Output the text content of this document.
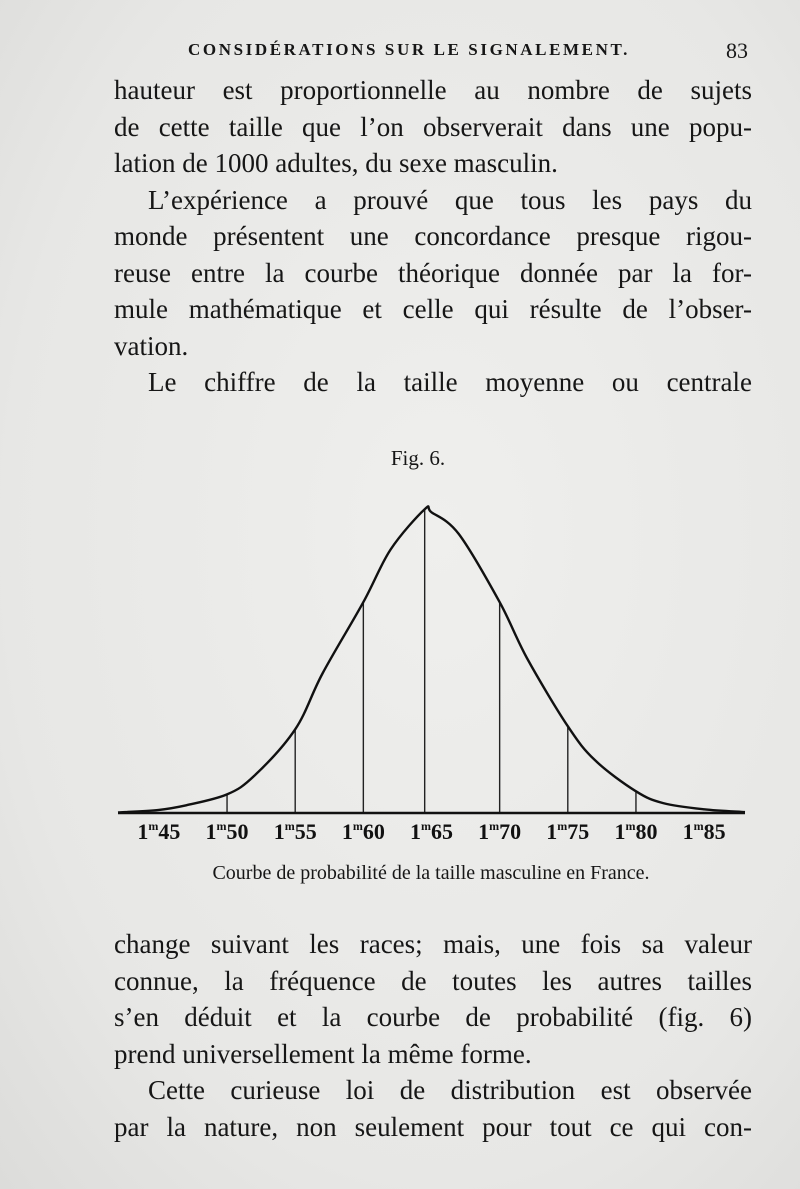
CONSIDÉRATIONS SUR LE SIGNALEMENT.	83
hauteur est proportionnelle au nombre de sujets
de cette taille que l’on observerait dans une popu-
lation de 1000 adultes, du sexe masculin.
L’expérience a prouvé que tous les pays du
monde présentent une concordance presque rigou-
reuse entre la courbe théorique donnée par la for-
mule mathématique et celle qui résulte de l’obser-
vation.
Le chiffre de la taille moyenne ou centrale
Fig. 6.
1$^m$45 1$^m$50 1$^m$55 1$^m$60 1$^m$65 1$^m$70 1$^m$75 1$^m$80 1$^m$85
Courbe de probabilité de la taille masculine en France.
change suivant les races; mais, une fois sa valeur
connue, la fréquence de toutes les autres tailles
s’en déduit et la courbe de probabilité (fig. 6)
prend universellement la même forme.
Cette curieuse loi de distribution est observée
par la nature, non seulement pour tout ce qui con-
